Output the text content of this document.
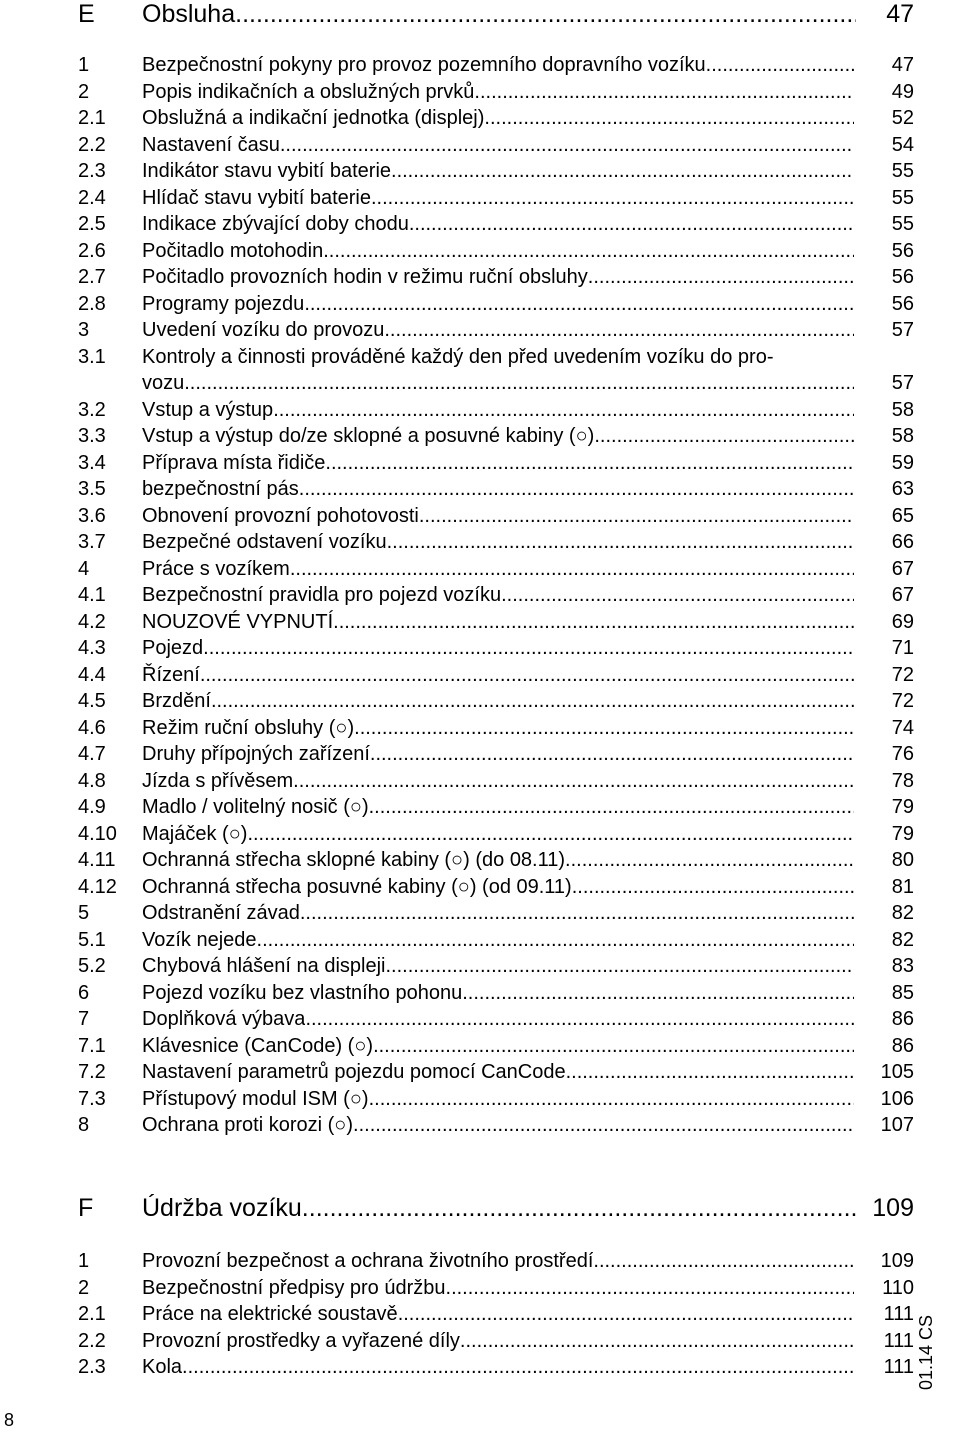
E	Obsluha .....	47
1	Bezpečnostní pokyny pro provoz pozemního dopravního vozíku .....	47
2	Popis indikačních a obslužných prvků .....	49
2.1	Obslužná a indikační jednotka (displej) .....	52
2.2	Nastavení času .....	54
2.3	Indikátor stavu vybití baterie .....	55
2.4	Hlídač stavu vybití baterie .....	55
2.5	Indikace zbývající doby chodu .....	55
2.6	Počitadlo motohodin .....	56
2.7	Počitadlo provozních hodin v režimu ruční obsluhy .....	56
2.8	Programy pojezdu .....	56
3	Uvedení vozíku do provozu .....	57
3.1	Kontroly a činnosti prováděné každý den před uvedením vozíku do pro-
vozu .....	57
3.2	Vstup a výstup .....	58
3.3	Vstup a výstup do/ze sklopné a posuvné kabiny (○) .....	58
3.4	Příprava místa řidiče .....	59
3.5	bezpečnostní pás .....	63
3.6	Obnovení provozní pohotovosti .....	65
3.7	Bezpečné odstavení vozíku .....	66
4	Práce s vozíkem .....	67
4.1	Bezpečnostní pravidla pro pojezd vozíku .....	67
4.2	NOUZOVÉ VYPNUTÍ .....	69
4.3	Pojezd .....	71
4.4	Řízení .....	72
4.5	Brzdění .....	72
4.6	Režim ruční obsluhy (○) .....	74
4.7	Druhy přípojných zařízení .....	76
4.8	Jízda s přívěsem .....	78
4.9	Madlo / volitelný nosič (○) .....	79
4.10	Majáček (○) .....	79
4.11	Ochranná střecha sklopné kabiny (○) (do 08.11) .....	80
4.12	Ochranná střecha posuvné kabiny (○) (od 09.11) .....	81
5	Odstranění závad .....	82
5.1	Vozík nejede .....	82
5.2	Chybová hlášení na displeji .....	83
6	Pojezd vozíku bez vlastního pohonu .....	85
7	Doplňková výbava .....	86
7.1	Klávesnice (CanCode) (○) .....	86
7.2	Nastavení parametrů pojezdu pomocí CanCode .....	105
7.3	Přístupový modul ISM (○) .....	106
8	Ochrana proti korozi (○) .....	107
F	Údržba vozíku .....	109
1	Provozní bezpečnost a ochrana životního prostředí .....	109
2	Bezpečnostní předpisy pro údržbu .....	110
2.1	Práce na elektrické soustavě .....	111
2.2	Provozní prostředky a vyřazené díly .....	111
2.3	Kola .....	111 01.14 CS
8
